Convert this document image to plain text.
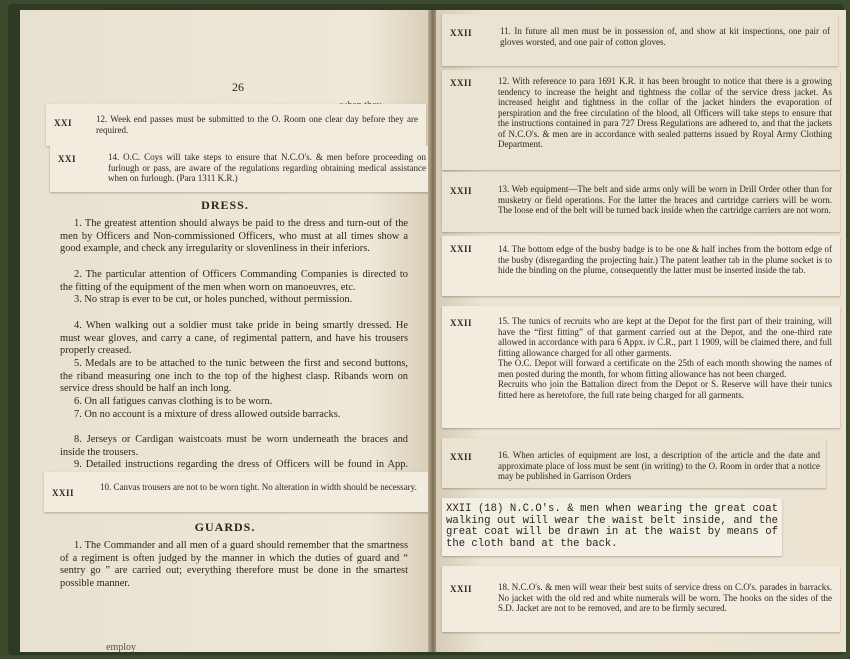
26
XXI	12. Week end passes must be submitted to the O. Room one clear day before they are required.
XXI	14. O.C. Coys will take steps to ensure that N.C.O's. & men before proceeding on furlough or pass, are aware of the regulations regarding obtaining medical assistance when on furlough. (Para 1311 K.R.)
DRESS.
1. The greatest attention should always be paid to the dress and turn-out of the men by Officers and Non-commissioned Officers, who must at all times show a good example, and check any irregularity or slovenliness in their inferiors.
2. The particular attention of Officers Commanding Companies is directed to the fitting of the equipment of the men when worn on manoeuvres, etc.
3. No strap is ever to be cut, or holes punched, without permission.
4. When walking out a soldier must take pride in being smartly dressed. He must wear gloves, and carry a cane, of regimental pattern, and have his trousers properly creased.
5. Medals are to be attached to the tunic between the first and second buttons, the riband measuring one inch to the top of the highest clasp. Ribands worn on service dress should be half an inch long.
6. On all fatigues canvas clothing is to be worn.
7. On no account is a mixture of dress allowed outside barracks.
8. Jerseys or Cardigan waistcoats must be worn underneath the braces and inside the trousers.
9. Detailed instructions regarding the dress of Officers will be found in App.
XXII
10. Canvas trousers are not to be worn tight. No alteration in width should be necessary.
GUARDS.
1. The Commander and all men of a guard should remember that the smartness of a regiment is often judged by the manner in which the duties of guard and “ sentry go ” are carried out; everything therefore must be done in the smartest possible manner.
employ
XXII	11. In future all men must be in possession of, and show at kit inspections, one pair of gloves worsted, and one pair of cotton gloves.
XXII	12. With reference to para 1691 K.R. it has been brought to notice that there is a growing tendency to increase the height and tightness the collar of the service dress jacket. As increased height and tightness in the collar of the jacket hinders the evaporation of perspiration and the free circulation of the blood, all Officers will take steps to ensure that the instructions contained in para 727 Dress Regulations are adhered to, and that the jackets of N.C.O's. & men are in accordance with sealed patterns issued by Royal Army Clothing Department.
XXII	13. Web equipment—The belt and side arms only will be worn in Drill Order other than for musketry or field operations. For the latter the braces and cartridge carriers will be worn. The loose end of the belt will be turned back inside when the cartridge carriers are not worn.
XXII	14. The bottom edge of the busby badge is to be one & half inches from the bottom edge of the busby (disregarding the projecting hair.) The patent leather tab in the plume socket is to hide the binding on the plume, consequently the latter must be inserted inside the tab.
XXII	15. The tunics of recruits who are kept at the Depot for the first part of their training, will have the “first fitting” of that garment carried out at the Depot, and the one-third rate allowed in accordance with para 6 Appx. iv C.R., part 1 1909, will be claimed there, and full fitting allowance charged for all other garments.
The O.C. Depot will forward a certificate on the 25th of each month showing the names of men posted during the month, for whom fitting allowance has not been charged.
Recruits who join the Battalion direct from the Depot or S. Reserve will have their tunics fitted here as heretofore, the full rate being charged for all garments.
XXII	16. When articles of equipment are lost, a description of the article and the date and approximate place of loss must be sent (in writing) to the O. Room in order that a notice may be published in Garrison Orders
XXII (18) N.C.O's. & men when wearing the great coat walking out will wear the waist belt inside, and the great coat will be drawn in at the waist by means of the cloth band at the back.
XXII	18. N.C.O's. & men will wear their best suits of service dress on C.O's. parades in barracks. No jacket with the old red and white numerals will be worn. The hooks on the sides of the S.D. Jacket are not to be removed, and are to be firmly secured.
